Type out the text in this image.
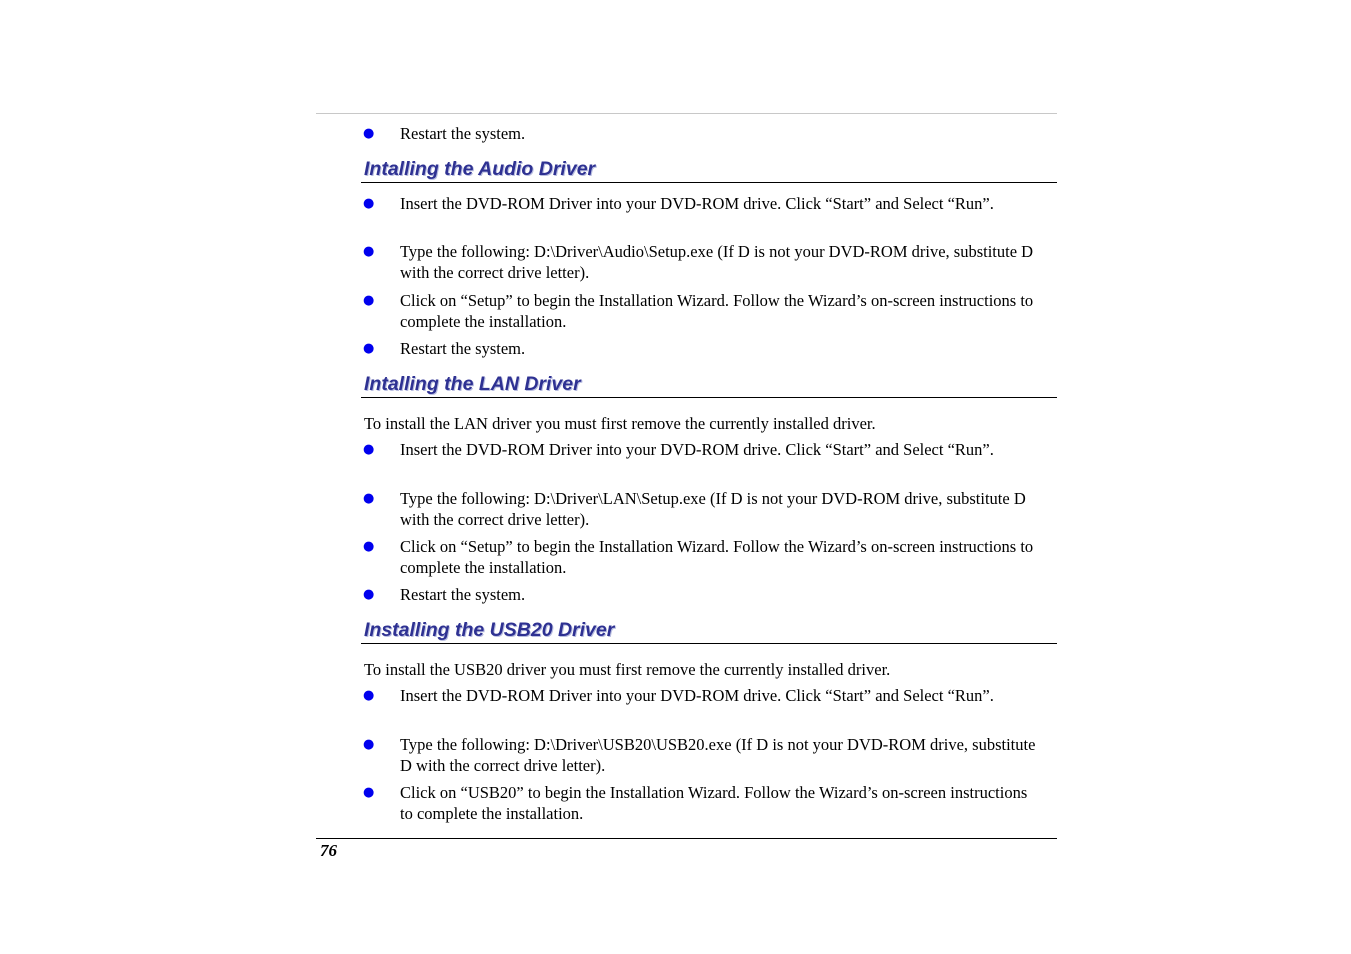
● Restart the system.
Intalling the Audio Driver
● Insert the DVD-ROM Driver into your DVD-ROM drive. Click “Start” and Select “Run”.
● Type the following: D:\Driver\Audio\Setup.exe (If D is not your DVD-ROM drive, substitute D with the correct drive letter).
● Click on “Setup” to begin the Installation Wizard. Follow the Wizard’s on-screen instructions to complete the installation.
● Restart the system.
Intalling the LAN Driver
To install the LAN driver you must first remove the currently installed driver.
● Insert the DVD-ROM Driver into your DVD-ROM drive. Click “Start” and Select “Run”.
● Type the following: D:\Driver\LAN\Setup.exe (If D is not your DVD-ROM drive, substitute D with the correct drive letter).
● Click on “Setup” to begin the Installation Wizard. Follow the Wizard’s on-screen instructions to complete the installation.
● Restart the system.
Installing the USB20 Driver
To install the USB20 driver you must first remove the currently installed driver.
● Insert the DVD-ROM Driver into your DVD-ROM drive. Click “Start” and Select “Run”.
● Type the following: D:\Driver\USB20\USB20.exe (If D is not your DVD-ROM drive, substitute D with the correct drive letter).
● Click on “USB20” to begin the Installation Wizard. Follow the Wizard’s on-screen instructions to complete the installation.
76
